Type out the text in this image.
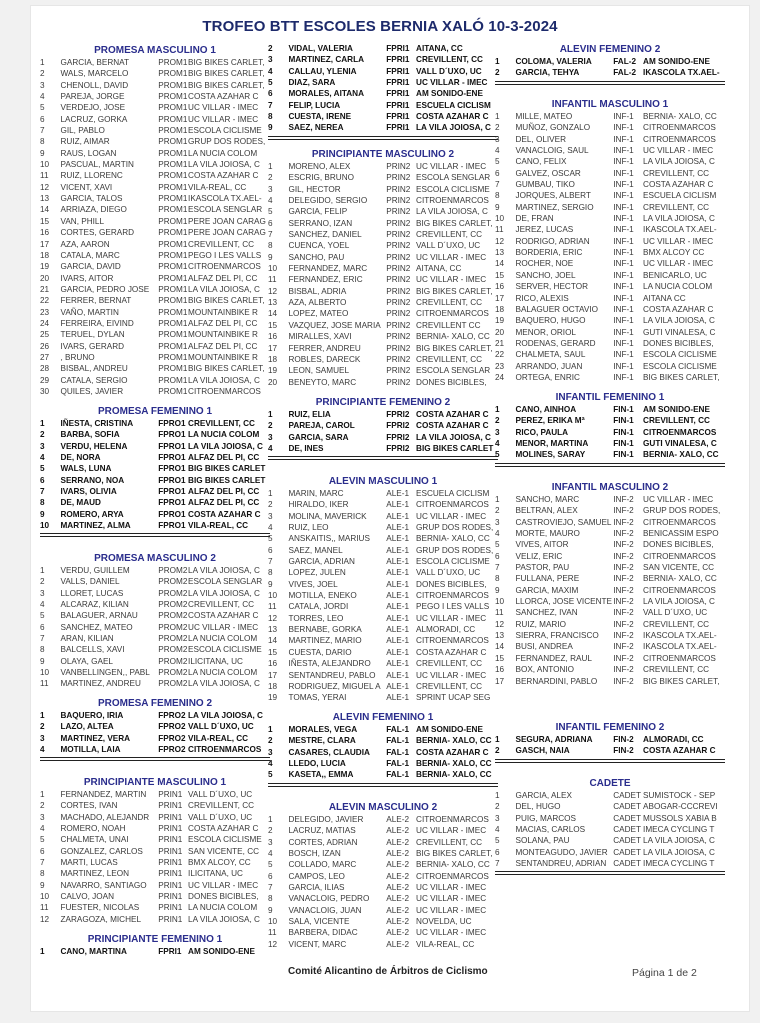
TROFEO BTT ESCOLES BERNIA XALÓ 10-3-2024
PROMESA MASCULINO 1
1	GARCIA, BERNAT	PROM1 BIG BIKES CARLET,
2	WALS, MARCELO	PROM1 BIG BIKES CARLET,
3	CHENOLL, DAVID	PROM1 BIG BIKES CARLET,
4	PAREJA, JORGE	PROM1 COSTA AZAHAR C
5	VERDEJO, JOSE	PROM1 UC VILLAR - IMEC
6	LACRUZ, GORKA	PROM1 UC VILLAR - IMEC
7	GIL, PABLO	PROM1 ESCOLA CICLISME
8	RUIZ, AIMAR	PROM1 GRUP DOS RODES,
9	RAUS, LOGAN	PROM1 LA NUCIA COLOM
10	PASCUAL, MARTIN	PROM1 LA VILA JOIOSA, C
11	RUIZ, LLORENC	PROM1 COSTA AZAHAR C
12	VICENT, XAVI	PROM1 VILA-REAL, CC
13	GARCIA, TALOS	PROM1 IKASCOLA TX.AEL-
14	ARRIAZA, DIEGO	PROM1 ESCOLA SENGLAR
15	VAN, PHILL	PROM1 PERE JOAN CARAG
16	CORTES, GERARD	PROM1 PERE JOAN CARAG
17	AZA, AARON	PROM1 CREVILLENT, CC
18	CATALA, MARC	PROM1 PEGO I LES VALLS
19	GARCIA, DAVID	PROM1 CITROENMARCOS
20	IVARS, AITOR	PROM1 ALFAZ DEL PI, CC
21	GARCIA, PEDRO JOSE	PROM1 LA VILA JOIOSA, C
22	FERRER, BERNAT	PROM1 BIG BIKES CARLET,
23	VAÑO, MARTIN	PROM1 MOUNTAINBIKE R
24	FERREIRA, EIVIND	PROM1 ALFAZ DEL PI, CC
25	TERUEL, DYLAN	PROM1 MOUNTAINBIKE R
26	IVARS, GERARD	PROM1 ALFAZ DEL PI, CC
27	, BRUNO	PROM1 MOUNTAINBIKE R
28	BISBAL, ANDREU	PROM1 BIG BIKES CARLET,
29	CATALA, SERGIO	PROM1 LA VILA JOIOSA, C
30	QUILES, JAVIER	PROM1 CITROENMARCOS
PROMESA FEMENINO 1
1	IÑESTA, CRISTINA	FPRO1 CREVILLENT, CC
2	BARBA, SOFIA	FPRO1 LA NUCIA COLOM
3	VERDU, HELENA	FPRO1 LA VILA JOIOSA, C
4	DE, NORA	FPRO1 ALFAZ DEL PI, CC
5	WALS, LUNA	FPRO1 BIG BIKES CARLET
6	SERRANO, NOA	FPRO1 BIG BIKES CARLET
7	IVARS, OLIVIA	FPRO1 ALFAZ DEL PI, CC
8	DE, MAUD	FPRO1 ALFAZ DEL PI, CC
9	ROMERO, ARYA	FPRO1 COSTA AZAHAR C
10	MARTINEZ, ALMA	FPRO1 VILA-REAL, CC
PROMESA MASCULINO 2
1	VERDU, GUILLEM	PROM2 LA VILA JOIOSA, C
2	VALLS, DANIEL	PROM2 ESCOLA SENGLAR
3	LLORET, LUCAS	PROM2 LA VILA JOIOSA, C
4	ALCARAZ, KILIAN	PROM2 CREVILLENT, CC
5	BALAGUER, ARNAU	PROM2 COSTA AZAHAR C
6	SANCHEZ, MATEO	PROM2 UC VILLAR - IMEC
7	ARAN, KILIAN	PROM2 LA NUCIA COLOM
8	BALCELLS, XAVI	PROM2 ESCOLA CICLISME
9	OLAYA, GAEL	PROM2 ILICITANA, UC
10	VANBELLINGEN,, PABL	PROM2 LA NUCIA COLOM
11	MARTINEZ, ANDREU	PROM2 LA VILA JOIOSA, C
PROMESA FEMENINO 2
1	BAQUERO, IRIA	FPRO2 LA VILA JOIOSA, C
2	LAZO, ALTEA	FPRO2 VALL D´UXO, UC
3	MARTINEZ, VERA	FPRO2 VILA-REAL, CC
4	MOTILLA, LAIA	FPRO2 CITROENMARCOS
PRINCIPIANTE MASCULINO 1
1	FERNANDEZ, MARTIN	PRIN1 VALL D´UXO, UC
2	CORTES, IVAN	PRIN1 CREVILLENT, CC
3	MACHADO, ALEJANDR	PRIN1 VALL D´UXO, UC
4	ROMERO, NOAH	PRIN1 COSTA AZAHAR C
5	CHALMETA, UNAI	PRIN1 ESCOLA CICLISME
6	GONZALEZ, CARLOS	PRIN1 SAN VICENTE, CC
7	MARTI, LUCAS	PRIN1 BMX ALCOY, CC
8	MARTINEZ, LEON	PRIN1 ILICITANA, UC
9	NAVARRO, SANTIAGO	PRIN1 UC VILLAR - IMEC
10	CALVO, JOAN	PRIN1 DONES BICIBLES,
11	FUESTER, NICOLAS	PRIN1 LA NUCIA COLOM
12	ZARAGOZA, MICHEL	PRIN1 LA VILA JOIOSA, C
PRINCIPIANTE FEMENINO 1
1	CANO, MARTINA	FPRI1 AM SONIDO-ENE
2	VIDAL, VALERIA	FPRI1 AITANA, CC
3	MARTINEZ, CARLA	FPRI1 CREVILLENT, CC
4	CALLAU, YLENIA	FPRI1 VALL D´UXO, UC
5	DIAZ, SARA	FPRI1 UC VILLAR - IMEC
6	MORALES, AITANA	FPRI1 AM SONIDO-ENE
7	FELIP, LUCIA	FPRI1 ESCUELA CICLISM
8	CUESTA, IRENE	FPRI1 COSTA AZAHAR C
9	SAEZ, NEREA	FPRI1 LA VILA JOIOSA, C
PRINCIPIANTE MASCULINO 2
1	MORENO, ALEX	PRIN2 UC VILLAR - IMEC
2	ESCRIG, BRUNO	PRIN2 ESCOLA SENGLAR
3	GIL, HECTOR	PRIN2 ESCOLA CICLISME
4	DELEGIDO, SERGIO	PRIN2 CITROENMARCOS
5	GARCIA, FELIP	PRIN2 LA VILA JOIOSA, C
6	SERRANO, IZAN	PRIN2 BIG BIKES CARLET,
7	SANCHEZ, DANIEL	PRIN2 CREVILLENT, CC
8	CUENCA, YOEL	PRIN2 VALL D´UXO, UC
9	SANCHO, PAU	PRIN2 UC VILLAR - IMEC
10	FERNANDEZ, MARC	PRIN2 AITANA, CC
11	FERNANDEZ, ERIC	PRIN2 UC VILLAR - IMEC
12	BISBAL, ADRIA	PRIN2 BIG BIKES CARLET,
13	AZA, ALBERTO	PRIN2 CREVILLENT, CC
14	LOPEZ, MATEO	PRIN2 CITROENMARCOS
15	VAZQUEZ, JOSE MARIA PRIN2 CREVILLENT CC
16	MIRALLES, XAVI	PRIN2 BERNIA- XALO, CC
17	FERRER, ANDREU	PRIN2 BIG BIKES CARLET,
18	ROBLES, DARECK	PRIN2 CREVILLENT, CC
19	LEON, SAMUEL	PRIN2 ESCOLA SENGLAR
20	BENEYTO, MARC	PRIN2 DONES BICIBLES,
PRINCIPIANTE FEMENINO 2
1	RUIZ, ELIA	FPRI2 COSTA AZAHAR C
2	PAREJA, CAROL	FPRI2 COSTA AZAHAR C
3	GARCIA, SARA	FPRI2 LA VILA JOIOSA, C
4	DE, INES	FPRI2 BIG BIKES CARLET
ALEVIN MASCULINO 1
1	MARIN, MARC	ALE-1 ESCUELA CICLISM
2	HIRALDO, IKER	ALE-1 CITROENMARCOS
3	MOLINA, MAVERICK	ALE-1 UC VILLAR - IMEC
4	RUIZ, LEO	ALE-1 GRUP DOS RODES,
5	ANSKAITIS,, MARIUS	ALE-1 BERNIA- XALO, CC
6	SAEZ, MANEL	ALE-1 GRUP DOS RODES,
7	GARCIA, ADRIAN	ALE-1 ESCOLA CICLISME
8	LOPEZ, JULEN	ALE-1 VALL D´UXO, UC
9	VIVES, JOEL	ALE-1 DONES BICIBLES,
10	MOTILLA, ENEKO	ALE-1 CITROENMARCOS
11	CATALA, JORDI	ALE-1 PEGO I LES VALLS
12	TORRES, LEO	ALE-1 UC VILLAR - IMEC
13	BERNABE, GORKA	ALE-1 ALMORADI, CC
14	MARTINEZ, MARIO	ALE-1 CITROENMARCOS
15	CUESTA, DARIO	ALE-1 COSTA AZAHAR C
16	IÑESTA, ALEJANDRO	ALE-1 CREVILLENT, CC
17	SENTANDREU, PABLO	ALE-1 UC VILLAR - IMEC
18	RODRIGUEZ, MIGUEL A ALE-1 CREVILLENT, CC
19	TOMAS, YERAI	ALE-1 SPRINT UCAP SEG
ALEVIN FEMENINO 1
1	MORALES, VEGA	FAL-1 AM SONIDO-ENE
2	MESTRE, CLARA	FAL-1 BERNIA- XALO, CC
3	CASARES, CLAUDIA	FAL-1 COSTA AZAHAR C
4	LLEDO, LUCIA	FAL-1 BERNIA- XALO, CC
5	KASETA,, EMMA	FAL-1 BERNIA- XALO, CC
ALEVIN MASCULINO 2
1	DELEGIDO, JAVIER	ALE-2 CITROENMARCOS
2	LACRUZ, MATIAS	ALE-2 UC VILLAR - IMEC
3	CORTES, ADRIAN	ALE-2 CREVILLENT, CC
4	BOSCH, IZAN	ALE-2 BIG BIKES CARLET,
5	COLLADO, MARC	ALE-2 BERNIA- XALO, CC
6	CAMPOS, LEO	ALE-2 CITROENMARCOS
7	GARCIA, ILIAS	ALE-2 UC VILLAR - IMEC
8	VANACLOIG, PEDRO	ALE-2 UC VILLAR - IMEC
9	VANACLOIG, JUAN	ALE-2 UC VILLAR - IMEC
10	SALA, VICENTE	ALE-2 NOVELDA, UC
11	BARBERA, DIDAC	ALE-2 UC VILLAR - IMEC
12	VICENT, MARC	ALE-2 VILA-REAL, CC
ALEVIN FEMENINO 2
1	COLOMA, VALERIA	FAL-2 AM SONIDO-ENE
2	GARCIA, TEHYA	FAL-2 IKASCOLA TX.AEL-
INFANTIL MASCULINO 1
1	MILLE, MATEO	INF-1	BERNIA- XALO, CC
2	MUÑOZ, GONZALO	INF-1	CITROENMARCOS
3	DEL, OLIVER	INF-1	CITROENMARCOS
4	VANACLOIG, SAUL	INF-1	UC VILLAR - IMEC
5	CANO, FELIX	INF-1	LA VILA JOIOSA, C
6	GALVEZ, OSCAR	INF-1	CREVILLENT, CC
7	GUMBAU, TIKO	INF-1	COSTA AZAHAR C
8	JORQUES, ALBERT	INF-1	ESCUELA CICLISM
9	MARTINEZ, SERGIO	INF-1	CREVILLENT, CC
10	DE, FRAN	INF-1	LA VILA JOIOSA, C
11	JEREZ, LUCAS	INF-1	IKASCOLA TX.AEL-
12	RODRIGO, ADRIAN	INF-1	UC VILLAR - IMEC
13	BORDERIA, ERIC	INF-1	BMX ALCOY CC
14	ROCHER, NOE	INF-1	UC VILLAR - IMEC
15	SANCHO, JOEL	INF-1	BENICARLO, UC
16	SERVER, HECTOR	INF-1	LA NUCIA COLOM
17	RICO, ALEXIS	INF-1	AITANA CC
18	BALAGUER OCTAVIO	INF-1	COSTA AZAHAR C
19	BAQUERO, HUGO	INF-1	LA VILA JOIOSA, C
20	MENOR, ORIOL	INF-1	GUTI VINALESA, C
21	RODENAS, GERARD	INF-1	DONES BICIBLES,
22	CHALMETA, SAUL	INF-1	ESCOLA CICLISME
23	ARRANDO, JUAN	INF-1	ESCOLA CICLISME
24	ORTEGA, ENRIC	INF-1	BIG BIKES CARLET,
INFANTIL FEMENINO 1
1	CANO, AINHOA	FIN-1	AM SONIDO-ENE
2	PEREZ, ERIKA Mª	FIN-1	CREVILLENT, CC
3	RICO, PAULA	FIN-1	CITROENMARCOS
4	MENOR, MARTINA	FIN-1	GUTI VINALESA, C
5	MOLINES, SARAY	FIN-1	BERNIA- XALO, CC
INFANTIL MASCULINO 2
1	SANCHO, MARC	INF-2	UC VILLAR - IMEC
2	BELTRAN, ALEX	INF-2	GRUP DOS RODES,
3	CASTROVIEJO, SAMUEL INF-2	CITROENMARCOS
4	MORTE, MAURO	INF-2	BENICASSIM ESPO
5	VIVES, AITOR	INF-2	DONES BICIBLES,
6	VELIZ, ERIC	INF-2	CITROENMARCOS
7	PASTOR, PAU	INF-2	SAN VICENTE, CC
8	FULLANA, PERE	INF-2	BERNIA- XALO, CC
9	GARCIA, MAXIM	INF-2	CITROENMARCOS
10	LLORCA, JOSE VICENTE INF-2	LA VILA JOIOSA, C
11	SANCHEZ, IVAN	INF-2	VALL D´UXO, UC
12	RUIZ, MARIO	INF-2	CREVILLENT, CC
13	SIERRA, FRANCISCO	INF-2	IKASCOLA TX.AEL-
14	BUSI, ANDREA	INF-2	IKASCOLA TX.AEL-
15	FERNANDEZ, RAUL	INF-2	CITROENMARCOS
16	BOX, ANTONIO	INF-2	CREVILLENT, CC
17	BERNARDINI, PABLO	INF-2	BIG BIKES CARLET,
INFANTIL FEMENINO 2
1	SEGURA, ADRIANA	FIN-2	ALMORADI, CC
2	GASCH, NAIA	FIN-2	COSTA AZAHAR C
CADETE
1	GARCIA, ALEX	CADET SUMISTOCK - SEP
2	DEL, HUGO	CADET ABOGAR-CCCREVI
3	PUIG, MARCOS	CADET MUSSOLS XABIA B
4	MACIAS, CARLOS	CADET IMECA CYCLING T
5	SOLANA, PAU	CADET LA VILA JOIOSA, C
6	MONTEAGUDO, JAVIER CADET LA VILA JOIOSA, C
7	SENTANDREU, ADRIAN CADET IMECA CYCLING T
Comité Alicantino de Árbitros de Ciclismo	Página 1 de 2
